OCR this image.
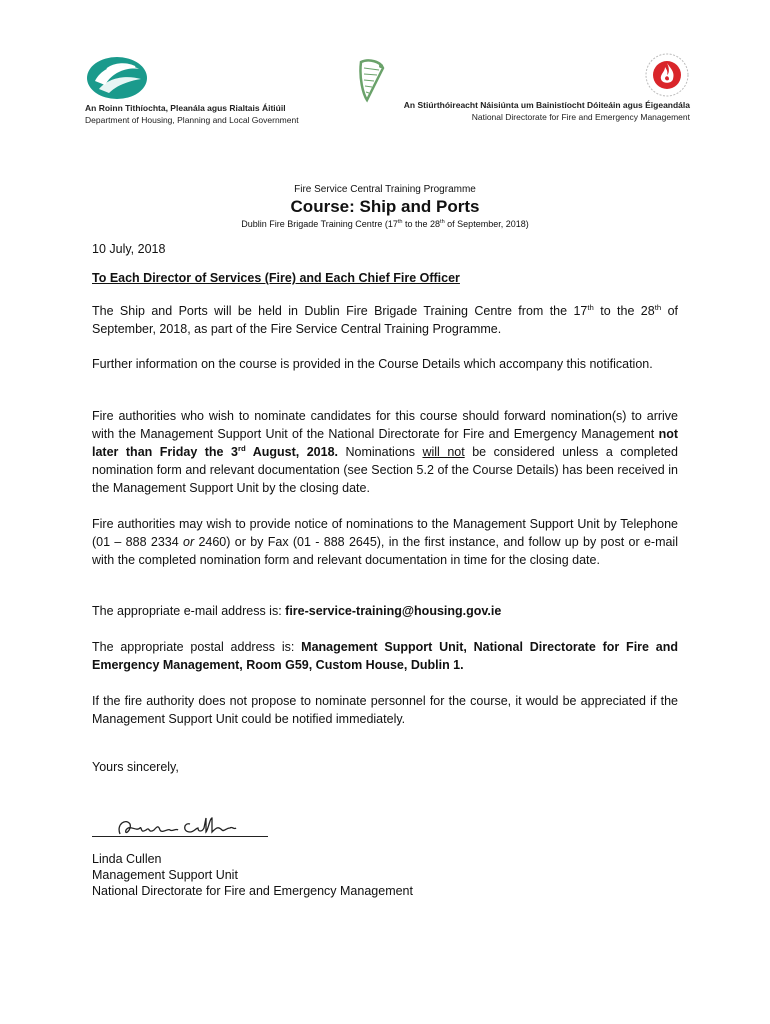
An Roinn Tithíochta, Pleanála agus Rialtais Áitiúil
Department of Housing, Planning and Local Government
An Stiúrthóireacht Náisiúnta um Bainistíocht Dóiteáin agus Éigeandála
National Directorate for Fire and Emergency Management
Fire Service Central Training Programme
Course: Ship and Ports
Dublin Fire Brigade Training Centre (17th to the 28th of September, 2018)
10 July, 2018
To Each Director of Services (Fire) and Each Chief Fire Officer
The Ship and Ports will be held in Dublin Fire Brigade Training Centre from the 17th to the 28th of September, 2018, as part of the Fire Service Central Training Programme.
Further information on the course is provided in the Course Details which accompany this notification.
Fire authorities who wish to nominate candidates for this course should forward nomination(s) to arrive with the Management Support Unit of the National Directorate for Fire and Emergency Management not later than Friday the 3rd August, 2018. Nominations will not be considered unless a completed nomination form and relevant documentation (see Section 5.2 of the Course Details) has been received in the Management Support Unit by the closing date.
Fire authorities may wish to provide notice of nominations to the Management Support Unit by Telephone (01 – 888 2334 or 2460) or by Fax (01 - 888 2645), in the first instance, and follow up by post or e-mail with the completed nomination form and relevant documentation in time for the closing date.
The appropriate e-mail address is: fire-service-training@housing.gov.ie
The appropriate postal address is: Management Support Unit, National Directorate for Fire and Emergency Management, Room G59, Custom House, Dublin 1.
If the fire authority does not propose to nominate personnel for the course, it would be appreciated if the Management Support Unit could be notified immediately.
Yours sincerely,
Linda Cullen
Management Support Unit
National Directorate for Fire and Emergency Management
